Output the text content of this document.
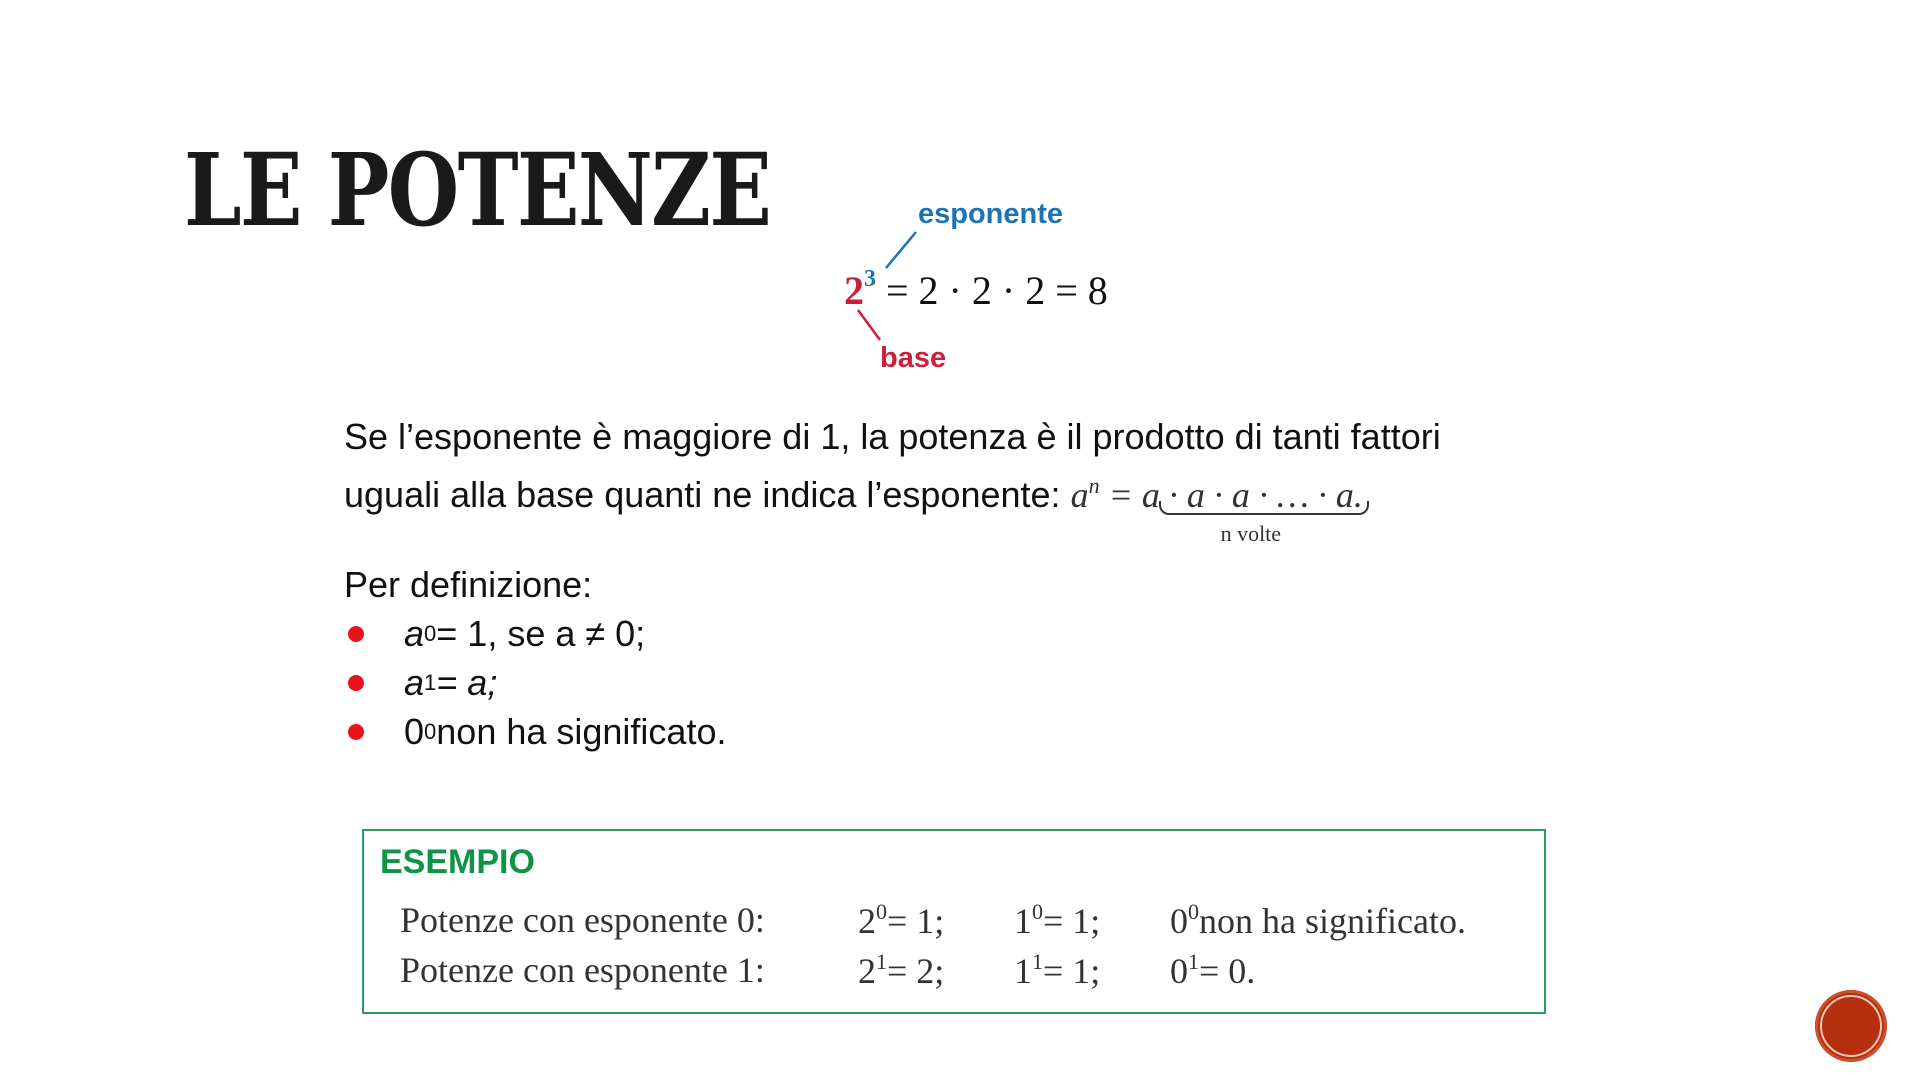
LE POTENZE	esponente
$2^3 = 2 \cdot 2 \cdot 2 = 8$
base
Se l’esponente è maggiore di 1, la potenza è il prodotto di tanti fattori
uguali alla base quanti ne indica l’esponente: $a^n = a \cdot a \cdot a$ · … · a.
n volte
Per definizione:
a 0 = 1, se a ≠ 0;
a 1 = a;
0 0 non ha significato.
ESEMPIO
Potenze con esponente 0:	$2^0= 1$;	$1^0= 1$;	$0^0non$ ha significato.
Potenze con esponente 1:	$2^1= 2$;	$1^1= 1$;	$0^1= 0$.
